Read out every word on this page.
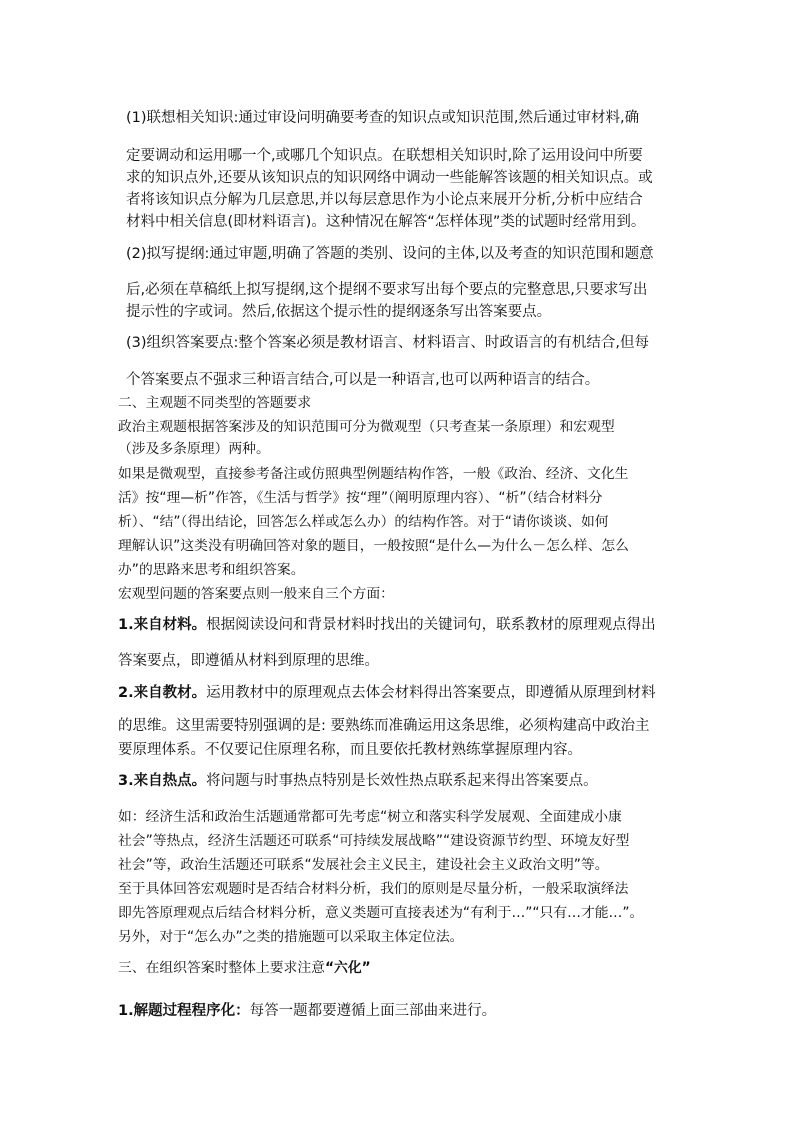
(1)联想相关知识:通过审设问明确要考查的知识点或知识范围,然后通过审材料,确
定要调动和运用哪一个,或哪几个知识点。在联想相关知识时,除了运用设问中所要
求的知识点外,还要从该知识点的知识网络中调动一些能解答该题的相关知识点。或
者将该知识点分解为几层意思,并以每层意思作为小论点来展开分析,分析中应结合
材料中相关信息(即材料语言)。这种情况在解答“怎样体现”类的试题时经常用到。
(2)拟写提纲:通过审题,明确了答题的类别、设问的主体,以及考查的知识范围和题意
后,必须在草稿纸上拟写提纲,这个提纲不要求写出每个要点的完整意思,只要求写出
提示性的字或词。然后,依据这个提示性的提纲逐条写出答案要点。
(3)组织答案要点:整个答案必须是教材语言、材料语言、时政语言的有机结合,但每
个答案要点不强求三种语言结合,可以是一种语言,也可以两种语言的结合。
二、主观题不同类型的答题要求
政治主观题根据答案涉及的知识范围可分为微观型（只考查某一条原理）和宏观型
（涉及多条原理）两种。
如果是微观型，直接参考备注或仿照典型例题结构作答，一般《政治、经济、文化生
活》按“理—析”作答，《生活与哲学》按“理”（阐明原理内容）、“析”（结合材料分
析）、“结”（得出结论，回答怎么样或怎么办）的结构作答。对于“请你谈谈、如何
理解认识”这类没有明确回答对象的题目，一般按照“是什么—为什么－怎么样、怎么
办”的思路来思考和组织答案。
宏观型问题的答案要点则一般来自三个方面：
1.来自材料。根据阅读设问和背景材料时找出的关键词句，联系教材的原理观点得出
答案要点，即遵循从材料到原理的思维。
2.来自教材。运用教材中的原理观点去体会材料得出答案要点，即遵循从原理到材料
的思维。这里需要特别强调的是: 要熟练而准确运用这条思维，必须构建高中政治主
要原理体系。不仅要记住原理名称，而且要依托教材熟练掌握原理内容。
3.来自热点。将问题与时事热点特别是长效性热点联系起来得出答案要点。
如：经济生活和政治生活题通常都可先考虑“树立和落实科学发展观、全面建成小康
社会”等热点，经济生活题还可联系“可持续发展战略”“建设资源节约型、环境友好型
社会”等，政治生活题还可联系“发展社会主义民主，建设社会主义政治文明”等。
至于具体回答宏观题时是否结合材料分析，我们的原则是尽量分析，一般采取演绎法
即先答原理观点后结合材料分析，意义类题可直接表述为“有利于…”“只有…才能…”。
另外，对于“怎么办”之类的措施题可以采取主体定位法。
三、在组织答案时整体上要求注意“六化”
1.解题过程程序化：每答一题都要遵循上面三部曲来进行。
